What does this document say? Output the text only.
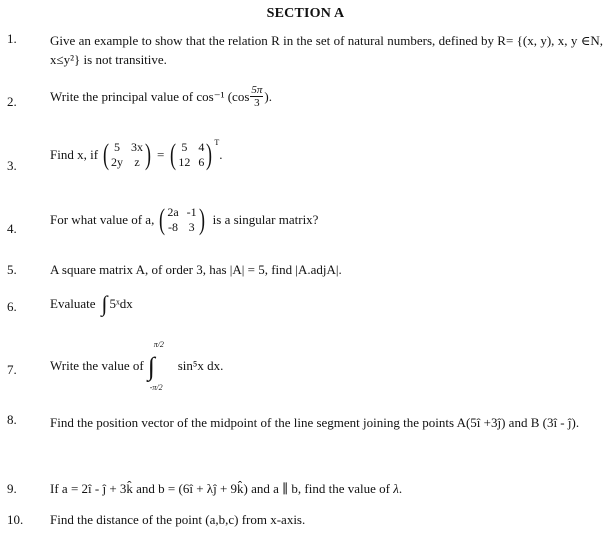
SECTION A
1.	Give an example to show that the relation R in the set of natural numbers, defined by R= {(x, y), x, y ∈N, x≤y²} is not transitive.
2.	Write the principal value of cos⁻¹ ($\cos \frac{5\pi}{3}$ ).
3.
Find x, if ( 5 3x
2y z ) = ( 5 4
12 6 ) $^T$
.
4.
For what value of a, ( 2a -1
-8 3 ) is a singular matrix?
5.	A square matrix A, of order 3, has |A| = 5, find |A.adjA|.
6.	Evaluate ∫ 5ˣdx
7.	Write the value of
π/2
∫
-π/2
sin⁵x dx.
8.	Find the position vector of the midpoint of the line segment joining the points A(5î +3ĵ) and B (3î - ĵ).
9.	If a = 2î - ĵ + 3k̂ and b = (6î + λĵ + 9k̂) and a ∥ b, find the value of λ.
10. Find the distance of the point (a,b,c) from x-axis.
